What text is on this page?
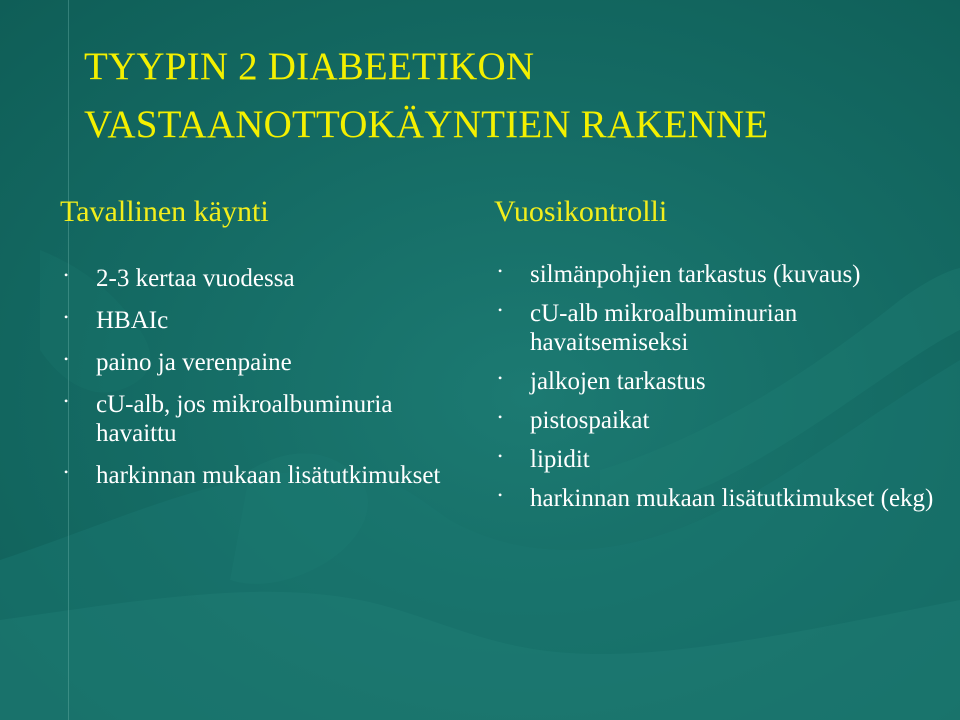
TYYPIN 2 DIABEETIKON
VASTAANOTTOKÄYNTIEN RAKENNE
Tavallinen käynti
• 2-3 kertaa vuodessa
• HBAIc
• paino ja verenpaine
• cU-alb, jos mikroalbuminuria havaittu
• harkinnan mukaan lisätutkimukset
Vuosikontrolli
• silmänpohjien tarkastus (kuvaus)
• cU-alb mikroalbuminurian havaitsemiseksi
• jalkojen tarkastus
• pistospaikat
• lipidit
• harkinnan mukaan lisätutkimukset (ekg)
